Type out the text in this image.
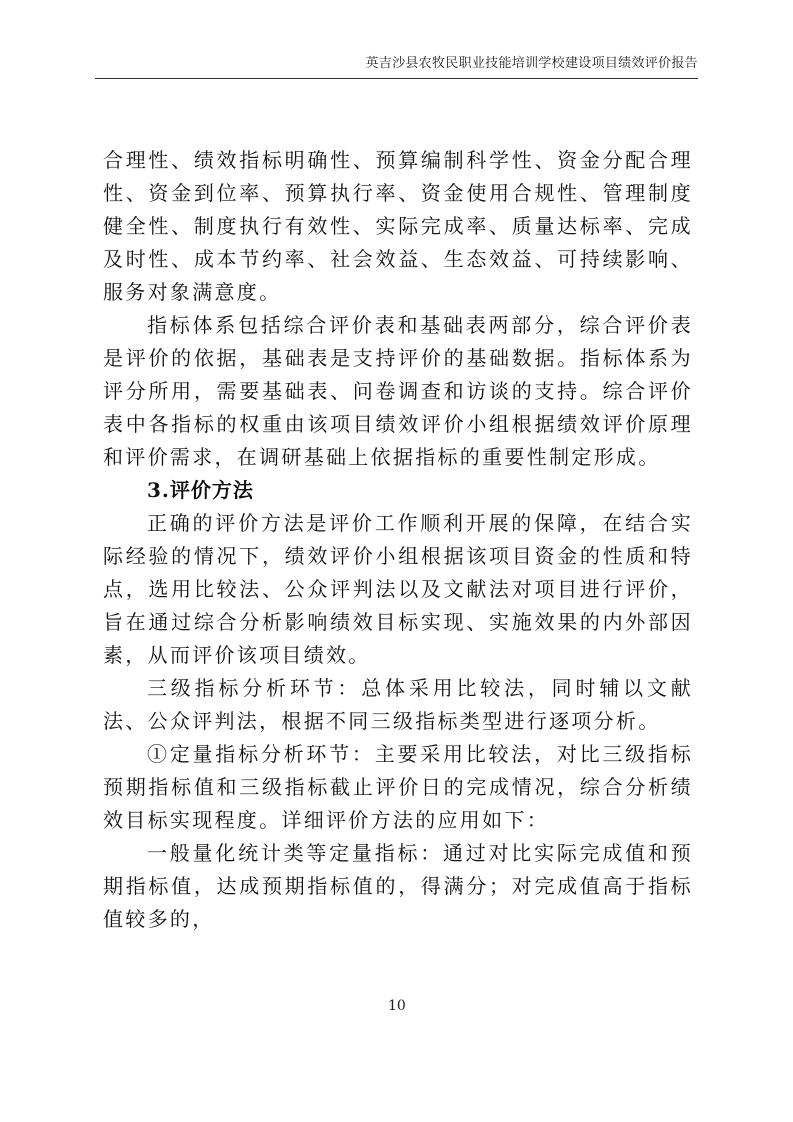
英吉沙县农牧民职业技能培训学校建设项目绩效评价报告

合理性、绩效指标明确性、预算编制科学性、资金分配合理性、资金到位率、预算执行率、资金使用合规性、管理制度健全性、制度执行有效性、实际完成率、质量达标率、完成及时性、成本节约率、社会效益、生态效益、可持续影响、服务对象满意度。

指标体系包括综合评价表和基础表两部分，综合评价表是评价的依据，基础表是支持评价的基础数据。指标体系为评分所用，需要基础表、问卷调查和访谈的支持。综合评价表中各指标的权重由该项目绩效评价小组根据绩效评价原理和评价需求，在调研基础上依据指标的重要性制定形成。

3.评价方法

正确的评价方法是评价工作顺利开展的保障，在结合实际经验的情况下，绩效评价小组根据该项目资金的性质和特点，选用比较法、公众评判法以及文献法对项目进行评价，旨在通过综合分析影响绩效目标实现、实施效果的内外部因素，从而评价该项目绩效。

三级指标分析环节：总体采用比较法，同时辅以文献法、公众评判法，根据不同三级指标类型进行逐项分析。

①定量指标分析环节：主要采用比较法，对比三级指标预期指标值和三级指标截止评价日的完成情况，综合分析绩效目标实现程度。详细评价方法的应用如下：

一般量化统计类等定量指标：通过对比实际完成值和预期指标值，达成预期指标值的，得满分；对完成值高于指标值较多的，

10
